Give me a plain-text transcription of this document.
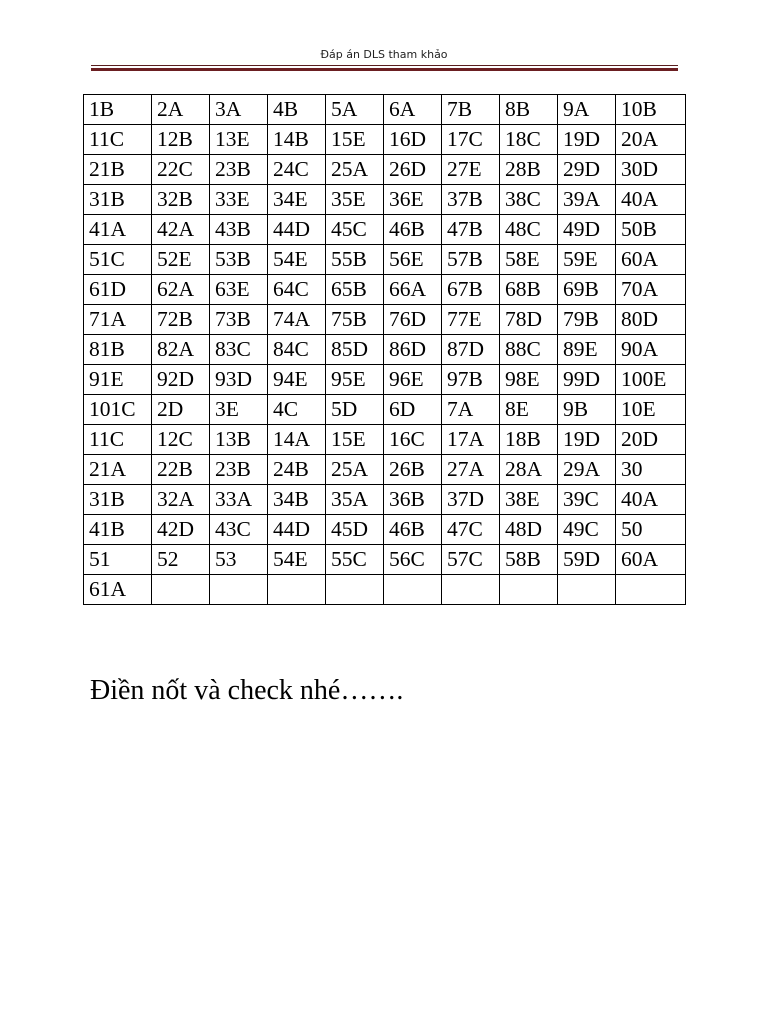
Đáp án DLS tham khảo
1B	2A	3A	4B	5A	6A	7B	8B	9A	10B
11C	12B	13E	14B	15E	16D	17C	18C	19D	20A
21B	22C	23B	24C	25A	26D	27E	28B	29D	30D
31B	32B	33E	34E	35E	36E	37B	38C	39A	40A
41A	42A	43B	44D	45C	46B	47B	48C	49D	50B
51C	52E	53B	54E	55B	56E	57B	58E	59E	60A
61D	62A	63E	64C	65B	66A	67B	68B	69B	70A
71A	72B	73B	74A	75B	76D	77E	78D	79B	80D
81B	82A	83C	84C	85D	86D	87D	88C	89E	90A
91E	92D	93D	94E	95E	96E	97B	98E	99D	100E
101C	2D	3E	4C	5D	6D	7A	8E	9B	10E
11C	12C	13B	14A	15E	16C	17A	18B	19D	20D
21A	22B	23B	24B	25A	26B	27A	28A	29A	30
31B	32A	33A	34B	35A	36B	37D	38E	39C	40A
41B	42D	43C	44D	45D	46B	47C	48D	49C	50
51	52	53	54E	55C	56C	57C	58B	59D	60A
61A									
Điền nốt và check nhé…….
